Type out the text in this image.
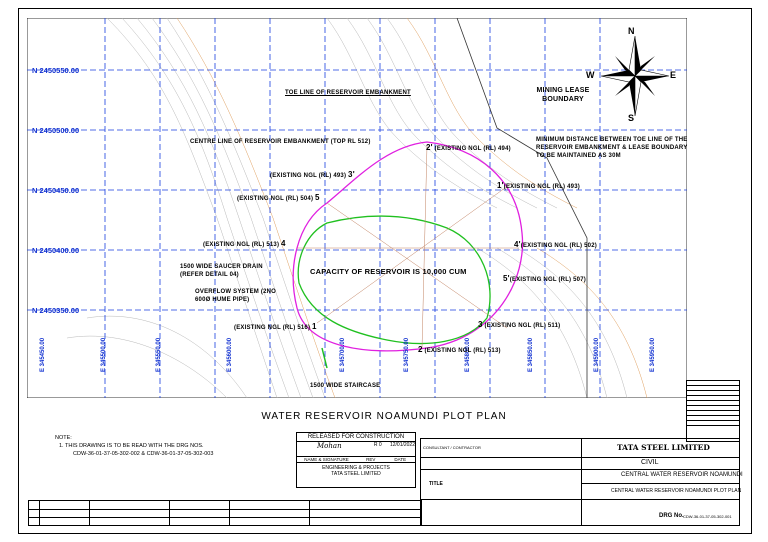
N 2450550.00
N 2450500.00
N 2450450.00
N 2450400.00
N 2450350.00
E 345450.00	E 345500.00	E 345550.00	E 345600.00	E 345700.00	E 345750.00	E 345800.00	E 345850.00	E 345900.00	E 345950.00
TOE LINE OF RESERVOIR EMBANKMENT	MINING LEASE BOUNDARY
CENTRE LINE OF RESERVOIR EMBANKMENT (TOP RL 512)	MINIMUM DISTANCE BETWEEN TOE LINE OF THE RESERVOIR EMBANKMENT & LEASE BOUNDARY TO BE MAINTAINED AS 30M
CAPACITY OF RESERVOIR IS 10,000 CUM
1500 WIDE SAUCER DRAIN (REFER DETAIL 04)
OVERFLOW SYSTEM (2NO 600Ø HUME PIPE)
1500 WIDE STAIRCASE
2' (EXISTING NGL (RL) 494)
(EXISTING NGL (RL) 493) 3'
1'(EXISTING NGL (RL) 493)
(EXISTING NGL (RL) 504) 5
(EXISTING NGL (RL) 513) 4	4'(EXISTING NGL (RL) 502)
5'(EXISTING NGL (RL) 507)
(EXISTING NGL (RL) 516) 1	3 (EXISTING NGL (RL) 511)
2 (EXISTING NGL (RL) 513)
N
S
E
W
WATER RESERVOIR NOAMUNDI PLOT PLAN
NOTE:
1. THIS DRAWING IS TO BE READ WITH THE DRG NOS.
CDW-36-01-37-05-302-002 & CDW-36-01-37-05-302-003
RELEASED FOR CONSTRUCTION
Mohan	R 0	12/01/2022
NAME & SIGNATURE	REV	DATE
ENGINEERING & PROJECTS
TATA STEEL LIMITED
CONSULTANT / CONTRACTOR
TITLE
TATA STEEL LIMITED
CIVIL
CENTRAL WATER RESERVOIR NOAMUNDI
CENTRAL WATER RESERVOIR NOAMUNDI PLOT PLAN
DRG No. CDW-36-01-37-05-302-001
